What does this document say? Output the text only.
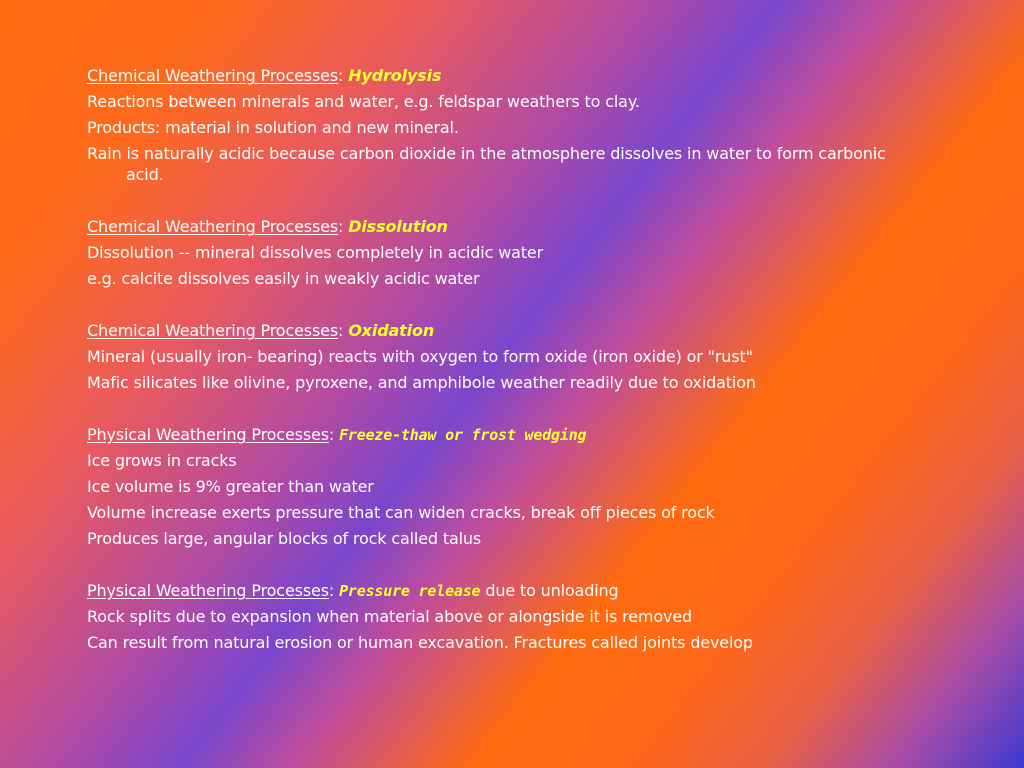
Chemical Weathering Processes: Hydrolysis
Reactions between minerals and water, e.g. feldspar weathers to clay.
Products: material in solution and new mineral.
Rain is naturally acidic because carbon dioxide in the atmosphere dissolves in water to form carbonic acid.
Chemical Weathering Processes: Dissolution
Dissolution -- mineral dissolves completely in acidic water
e.g. calcite dissolves easily in weakly acidic water
Chemical Weathering Processes: Oxidation
Mineral (usually iron- bearing) reacts with oxygen to form oxide (iron oxide) or "rust"
Mafic silicates like olivine, pyroxene, and amphibole weather readily due to oxidation
Physical Weathering Processes: Freeze-thaw or frost wedging
Ice grows in cracks
Ice volume is 9% greater than water
Volume increase exerts pressure that can widen cracks, break off pieces of rock
Produces large, angular blocks of rock called talus
Physical Weathering Processes: Pressure release due to unloading
Rock splits due to expansion when material above or alongside it is removed
Can result from natural erosion or human excavation. Fractures called joints develop
